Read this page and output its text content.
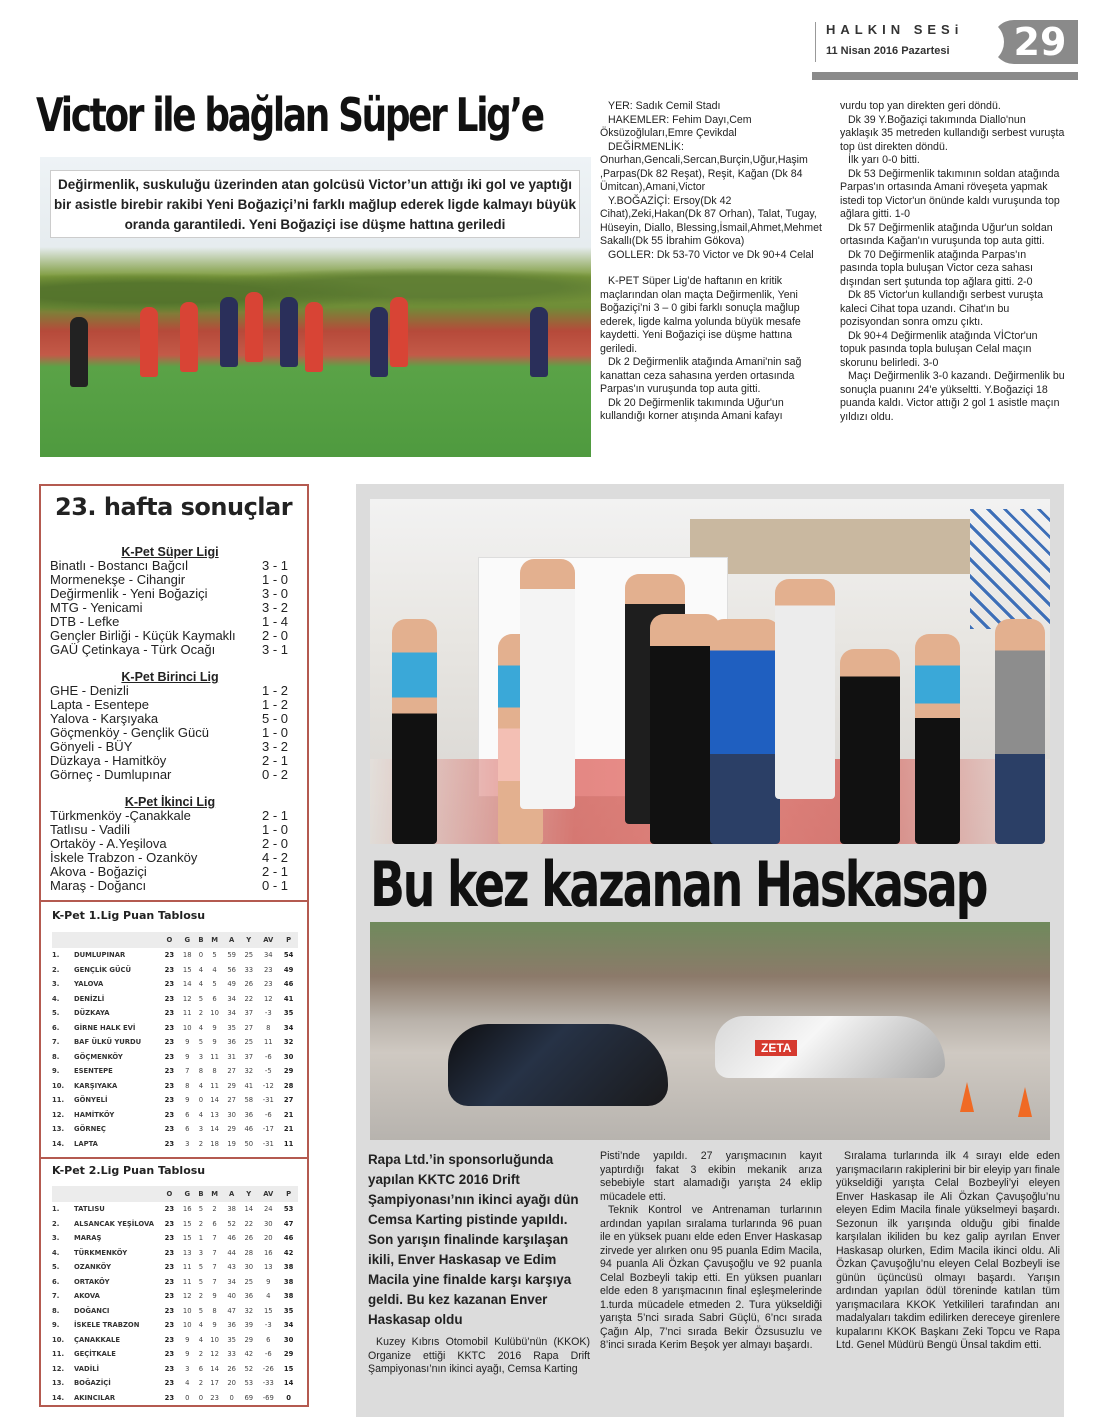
HALKIN SESi
11 Nisan 2016 Pazartesi	29
Victor ile bağlan Süper Lig’e
Değirmenlik, suskuluğu üzerinden atan golcüsü Victor’un attığı iki gol ve yaptığı bir asistle birebir rakibi Yeni Boğaziçi’ni farklı mağlup ederek ligde kalmayı büyük oranda garantiledi. Yeni Boğaziçi ise düşme hattına geriledi

YER: Sadık Cemil Stadı

HAKEMLER: Fehim Dayı,Cem Öksüzoğluları,Emre Çevikdal

DEĞİRMENLİK: Onurhan,Gencali,Sercan,Burçin,Uğur,Haşim ,Parpas(Dk 82 Reşat), Reşit, Kağan (Dk 84 Ümitcan),Amani,Victor

Y.BOĞAZİÇİ: Ersoy(Dk 42 Cihat),Zeki,Hakan(Dk 87 Orhan), Talat, Tugay, Hüseyin, Diallo, Blessing,İsmail,Ahmet,Mehmet Sakallı(Dk 55 İbrahim Gökova)

GOLLER: Dk 53-70 Victor ve Dk 90+4 Celal

K-PET Süper Lig’de haftanın en kritik maçlarından olan maçta Değirmenlik, Yeni Boğaziçi’ni 3 – 0 gibi farklı sonuçla mağlup ederek, ligde kalma yolunda büyük mesafe kaydetti. Yeni Boğaziçi ise düşme hattına geriledi.

Dk 2 Değirmenlik atağında Amani'nin sağ kanattan ceza sahasına yerden ortasında Parpas'ın vuruşunda top auta gitti.

Dk 20 Değirmenlik takımında Uğur'un kullandığı korner atışında Amani kafayı

vurdu top yan direkten geri döndü.

Dk 39 Y.Boğaziçi takımında Diallo'nun yaklaşık 35 metreden kullandığı serbest vuruşta top üst direkten döndü.

İlk yarı 0-0 bitti.

Dk 53 Değirmenlik takımının soldan atağında Parpas'ın ortasında Amani röveşeta yapmak istedi top Victor'un önünde kaldı vuruşunda top ağlara gitti. 1-0

Dk 57 Değirmenlik atağında Uğur'un soldan ortasında Kağan'ın vuruşunda top auta gitti.

Dk 70 Değirmenlik atağında Parpas'ın pasında topla buluşan Victor ceza sahası dışından sert şutunda top ağlara gitti. 2-0

Dk 85 Victor'un kullandığı serbest vuruşta kaleci Cihat topa uzandı. Cihat'ın bu pozisyondan sonra omzu çıktı.

Dk 90+4 Değirmenlik atağında VİCtor'un topuk pasında topla buluşan Celal maçın skorunu belirledi. 3-0

Maçı Değirmenlik 3-0 kazandı. Değirmenlik bu sonuçla puanını 24'e yükseltti. Y.Boğaziçi 18 puanda kaldı. Victor attığı 2 gol 1 asistle maçın yıldızı oldu.

23. hafta sonuçlar
K-Pet Süper Ligi
Binatlı - Bostancı Bağcıl	3 - 1
Mormenekşe - Cihangir	1 - 0
Değirmenlik - Yeni Boğaziçi	3 - 0
MTG - Yenicami	3 - 2
DTB - Lefke	1 - 4
Gençler Birliği - Küçük Kaymaklı 2 - 0
GAÜ Çetinkaya - Türk Ocağı	3 - 1
K-Pet Birinci Lig
GHE - Denizli	1 - 2
Lapta - Esentepe	1 - 2
Yalova - Karşıyaka	5 - 0
Göçmenköy - Gençlik Gücü	1 - 0
Gönyeli - BÜY	3 - 2
Düzkaya - Hamitköy	2 - 1
Görneç - Dumlupınar	0 - 2
K-Pet İkinci Lig
Türkmenköy -Çanakkale	2 - 1
Tatlısu - Vadili	1 - 0
Ortaköy - A.Yeşilova	2 - 0
İskele Trabzon - Ozanköy	4 - 2
Akova - Boğaziçi	2 - 1
Maraş - Doğancı	0 - 1
K-Pet 1.Lig Puan Tablosu
		O	G	B	M	A	Y	AV	P
1.	DUMLUPINAR	23	18	0	5	59	25	34	54
2.	GENÇLİK GÜCÜ	23	15	4	4	56	33	23	49
3.	YALOVA	23	14	4	5	49	26	23	46
4.	DENİZLİ	23	12	5	6	34	22	12	41
5.	DÜZKAYA	23	11	2	10	34	37	-3	35
6.	GİRNE HALK EVİ	23	10	4	9	35	27	8	34
7.	BAF ÜLKÜ YURDU	23	9	5	9	36	25	11	32
8.	GÖÇMENKÖY	23	9	3	11	31	37	-6	30
9.	ESENTEPE	23	7	8	8	27	32	-5	29
10.	KARŞIYAKA	23	8	4	11	29	41	-12	28
11.	GÖNYELİ	23	9	0	14	27	58	-31	27
12.	HAMİTKÖY	23	6	4	13	30	36	-6	21
13.	GÖRNEÇ	23	6	3	14	29	46	-17	21
14.	LAPTA	23	3	2	18	19	50	-31	11
K-Pet 2.Lig Puan Tablosu
		O	G	B	M	A	Y	AV	P
1.	TATLISU	23	16	5	2	38	14	24	53
2.	ALSANCAK YEŞİLOVA	23	15	2	6	52	22	30	47
3.	MARAŞ	23	15	1	7	46	26	20	46
4.	TÜRKMENKÖY	23	13	3	7	44	28	16	42
5.	OZANKÖY	23	11	5	7	43	30	13	38
6.	ORTAKÖY	23	11	5	7	34	25	9	38
7.	AKOVA	23	12	2	9	40	36	4	38
8.	DOĞANCI	23	10	5	8	47	32	15	35
9.	İSKELE TRABZON	23	10	4	9	36	39	-3	34
10.	ÇANAKKALE	23	9	4	10	35	29	6	30
11.	GEÇİTKALE	23	9	2	12	33	42	-6	29
12.	VADİLİ	23	3	6	14	26	52	-26	15
13.	BOĞAZİÇİ	23	4	2	17	20	53	-33	14
14.	AKINCILAR	23	0	0	23	0	69	-69	0
Bu kez kazanan Haskasap
ZETA
Rapa Ltd.’in sponsorluğunda yapılan KKTC 2016 Drift Şampiyonası’nın ikinci ayağı dün Cemsa Karting pistinde yapıldı. Son yarışın finalinde karşılaşan ikili, Enver Haskasap ve Edim Macila yine finalde karşı karşıya geldi. Bu kez kazanan Enver Haskasap oldu

Kuzey Kıbrıs Otomobil Kulübü’nün (KKOK) Organize ettiği KKTC 2016 Rapa Drift Şampiyonası’nın ikinci ayağı, Cemsa Karting

Pisti’nde yapıldı. 27 yarışmacının kayıt yaptırdığı fakat 3 ekibin mekanik arıza sebebiyle start alamadığı yarışta 24 eklip mücadele etti.

Teknik Kontrol ve Antrenaman turlarının ardından yapılan sıralama turlarında 96 puan ile en yüksek puanı elde eden Enver Haskasap zirvede yer alırken onu 95 puanla Edim Macila, 94 puanla Ali Özkan Çavuşoğlu ve 92 puanla Celal Bozbeyli takip etti. En yüksen puanları elde eden 8 yarışmacının final eşleşmelerinde 1.turda mücadele etmeden 2. Tura yükseldiği yarışta 5’nci sırada Sabri Güçlü, 6’ncı sırada Çağın Alp, 7’nci sırada Bekir Özsusuzlu ve 8’inci sırada Kerim Beşok yer almayı başardı.

Sıralama turlarında ilk 4 sırayı elde eden yarışmacıların rakiplerini bir bir eleyip yarı finale yükseldiği yarışta Celal Bozbeyli’yi eleyen Enver Haskasap ile Ali Özkan Çavuşoğlu’nu eleyen Edim Macila finale yükselmeyi başardı. Sezonun ilk yarışında olduğu gibi finalde karşılalan ikiliden bu kez galip ayrılan Enver Haskasap olurken, Edim Macila ikinci oldu. Ali Özkan Çavuşoğlu’nu eleyen Celal Bozbeyli ise günün üçüncüsü olmayı başardı. Yarışın ardından yapılan ödül töreninde katılan tüm yarışmacılara KKOK Yetkilileri tarafından anı madalyaları takdim edilirken dereceye girenlere kupalarını KKOK Başkanı Zeki Topcu ve Rapa Ltd. Genel Müdürü Bengü Ünsal takdim etti.
